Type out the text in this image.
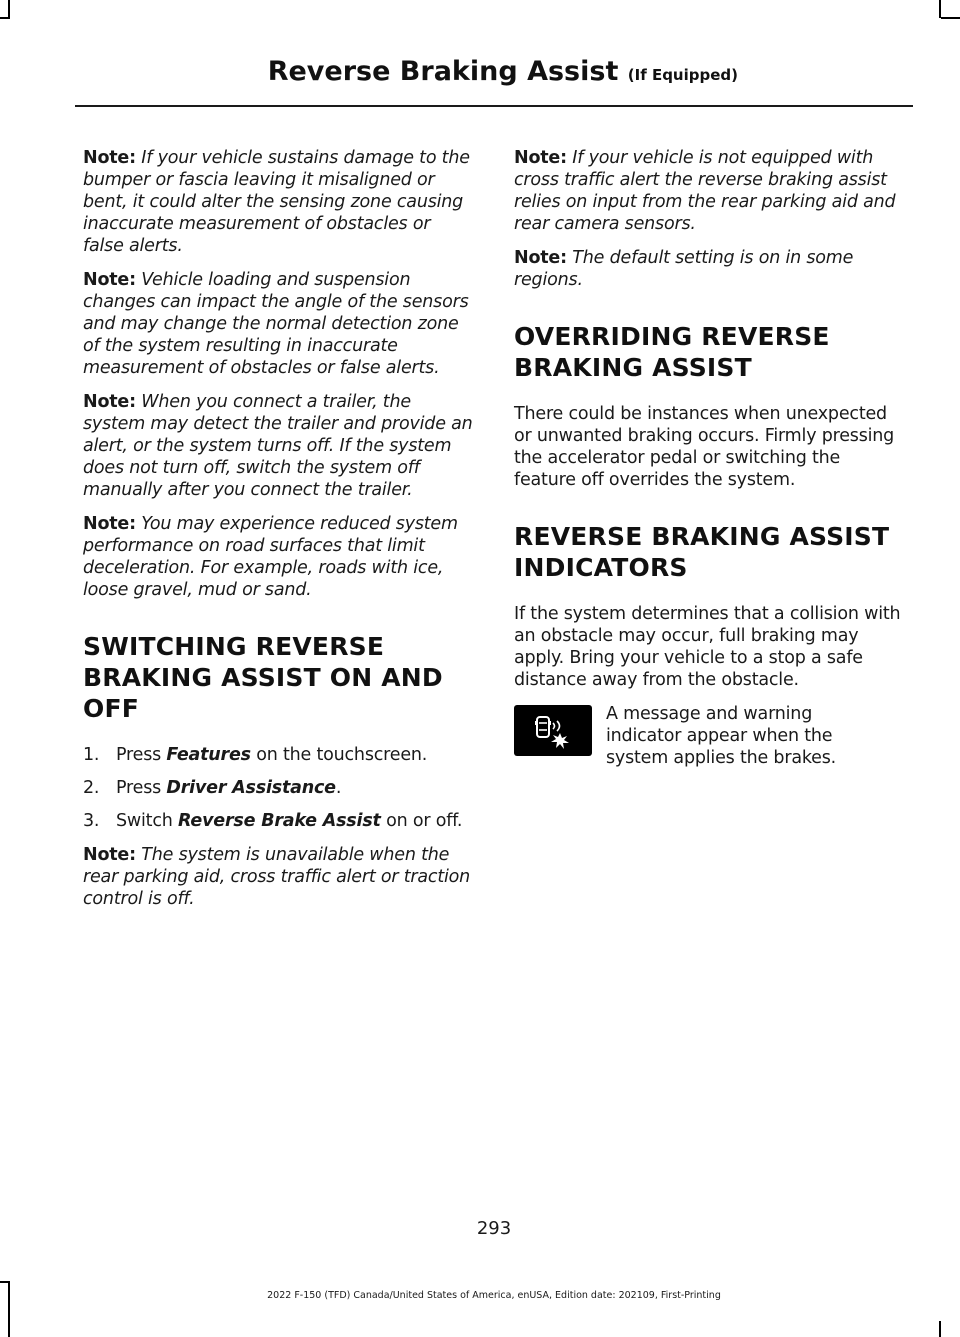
Reverse Braking Assist (If Equipped)

Note: If your vehicle sustains damage to the bumper or fascia leaving it misaligned or bent, it could alter the sensing zone causing inaccurate measurement of obstacles or false alerts.

Note: Vehicle loading and suspension changes can impact the angle of the sensors and may change the normal detection zone of the system resulting in inaccurate measurement of obstacles or false alerts.

Note: When you connect a trailer, the system may detect the trailer and provide an alert, or the system turns off. If the system does not turn off, switch the system off manually after you connect the trailer.

Note: You may experience reduced system performance on road surfaces that limit deceleration. For example, roads with ice, loose gravel, mud or sand.

SWITCHING REVERSE
BRAKING ASSIST ON AND OFF
1. Press Features on the touchscreen.
2. Press Driver Assistance.
3. Switch Reverse Brake Assist on or off.

Note: The system is unavailable when the rear parking aid, cross traffic alert or traction control is off.

Note: If your vehicle is not equipped with cross traffic alert the reverse braking assist relies on input from the rear parking aid and rear camera sensors.

Note: The default setting is on in some regions.

OVERRIDING REVERSE
BRAKING ASSIST

There could be instances when unexpected or unwanted braking occurs. Firmly pressing the accelerator pedal or switching the feature off overrides the system.

REVERSE BRAKING ASSIST
INDICATORS

If the system determines that a collision with an obstacle may occur, full braking may apply. Bring your vehicle to a stop a safe distance away from the obstacle.

A message and warning indicator appear when the system applies the brakes.

293
2022 F-150 (TFD) Canada/United States of America, enUSA, Edition date: 202109, First-Printing
